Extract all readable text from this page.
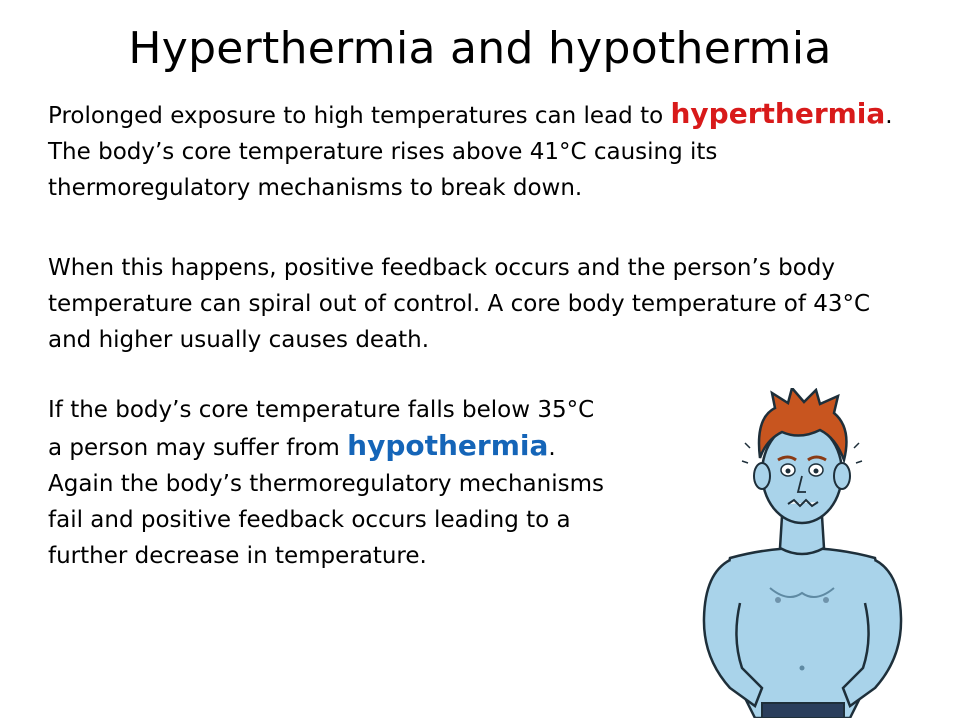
Hyperthermia and hypothermia

Prolonged exposure to high temperatures can lead to hyperthermia. The body’s core temperature rises above 41°C causing its thermoregulatory mechanisms to break down.

When this happens, positive feedback occurs and the person’s body temperature can spiral out of control. A core body temperature of 43°C and higher usually causes death.

If the body’s core temperature falls below 35°C a person may suffer from hypothermia. Again the body’s thermoregulatory mechanisms fail and positive feedback occurs leading to a further decrease in temperature.
